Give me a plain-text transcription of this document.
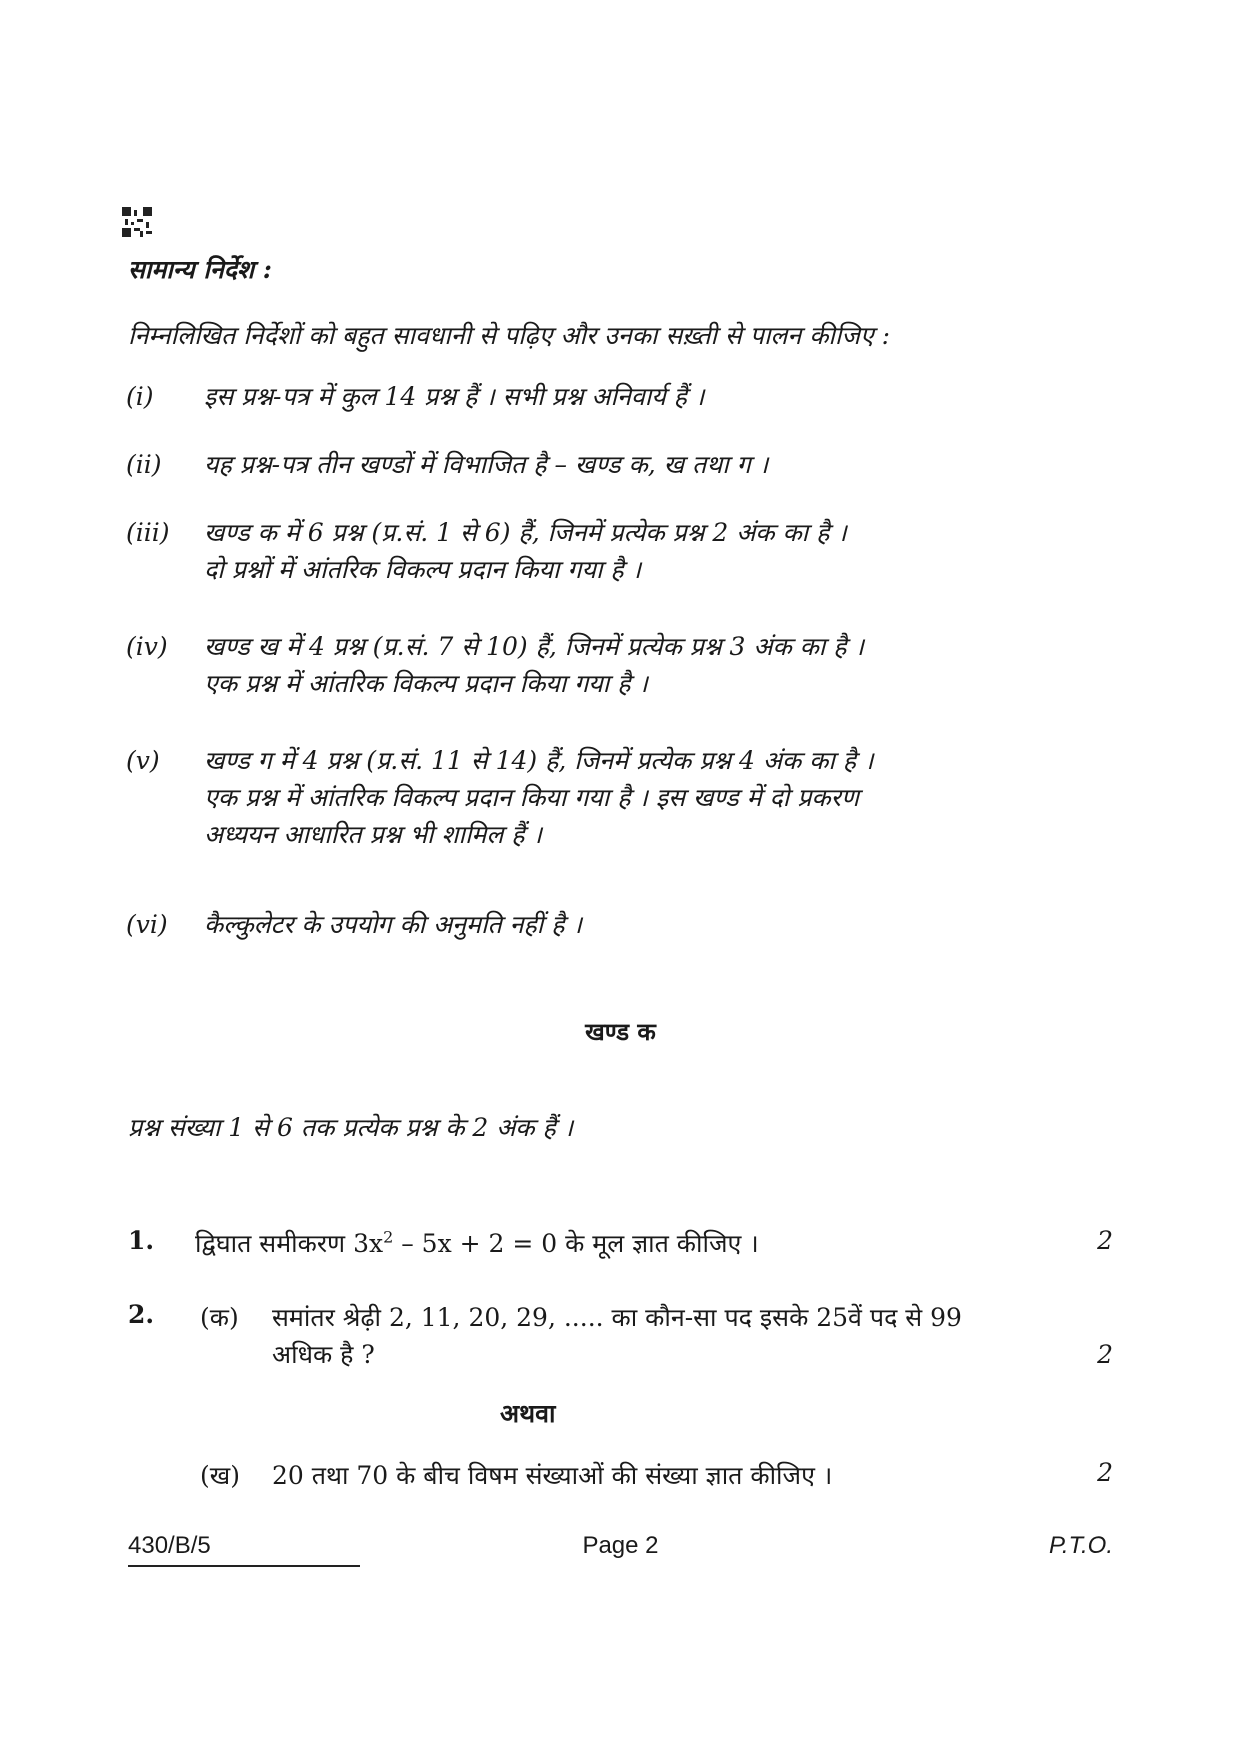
सामान्य निर्देश :
निम्नलिखित निर्देशों को बहुत सावधानी से पढ़िए और उनका सख़्ती से पालन कीजिए :
(i) इस प्रश्न-पत्र में कुल 14 प्रश्न हैं । सभी प्रश्न अनिवार्य हैं ।
(ii) यह प्रश्न-पत्र तीन खण्डों में विभाजित है – खण्ड क, ख तथा ग ।
(iii) खण्ड क में 6 प्रश्न (प्र.सं. 1 से 6) हैं, जिनमें प्रत्येक प्रश्न 2 अंक का है ।
दो प्रश्नों में आंतरिक विकल्प प्रदान किया गया है ।
(iv) खण्ड ख में 4 प्रश्न (प्र.सं. 7 से 10) हैं, जिनमें प्रत्येक प्रश्न 3 अंक का है ।
एक प्रश्न में आंतरिक विकल्प प्रदान किया गया है ।
(v) खण्ड ग में 4 प्रश्न (प्र.सं. 11 से 14) हैं, जिनमें प्रत्येक प्रश्न 4 अंक का है ।
एक प्रश्न में आंतरिक विकल्प प्रदान किया गया है । इस खण्ड में दो प्रकरण
अध्ययन आधारित प्रश्न भी शामिल हैं ।
(vi) कैल्कुलेटर के उपयोग की अनुमति नहीं है ।
खण्ड क
प्रश्न संख्या 1 से 6 तक प्रत्येक प्रश्न के 2 अंक हैं ।
1. द्विघात समीकरण $3x^2 - 5x + 2 = 0$ के मूल ज्ञात कीजिए ।	2
2. (क) समांतर श्रेढ़ी 2, 11, 20, 29, ..... का कौन-सा पद इसके 25वें पद से 99
अधिक है ?	2
अथवा
(ख) 20 तथा 70 के बीच विषम संख्याओं की संख्या ज्ञात कीजिए ।	2
430/B/5	Page 2	P.T.O.
